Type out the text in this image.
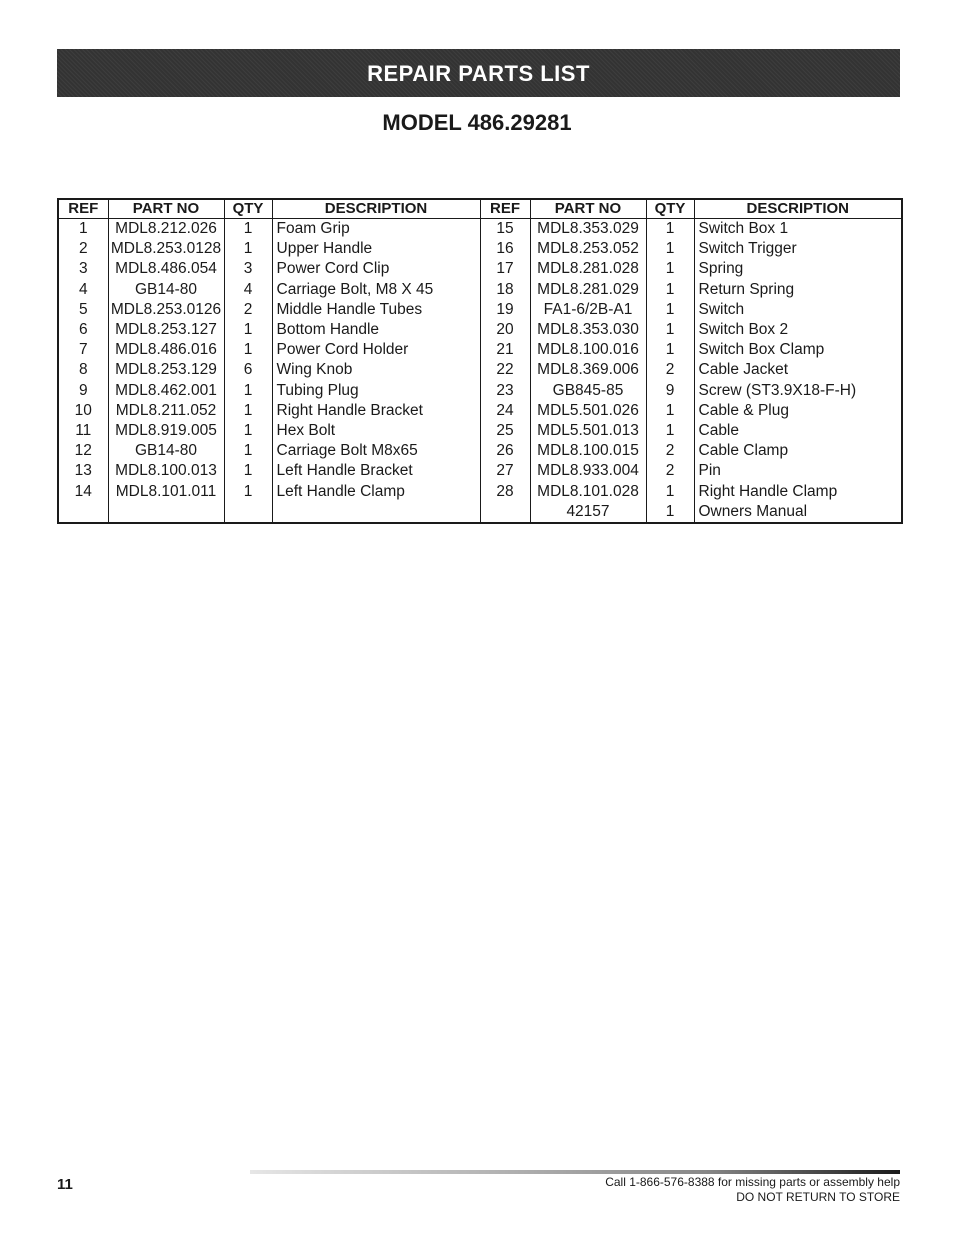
REPAIR PARTS LIST
MODEL 486.29281
REF	PART NO	QTY	DESCRIPTION	REF	PART NO	QTY	DESCRIPTION
1	MDL8.212.026	1	Foam Grip	15	MDL8.353.029	1	Switch Box 1
2	MDL8.253.0128	1	Upper Handle	16	MDL8.253.052	1	Switch Trigger
3	MDL8.486.054	3	Power Cord Clip	17	MDL8.281.028	1	Spring
4	GB14-80	4	Carriage Bolt, M8 X 45	18	MDL8.281.029	1	Return Spring
5	MDL8.253.0126	2	Middle Handle Tubes	19	FA1-6/2B-A1	1	Switch
6	MDL8.253.127	1	Bottom Handle	20	MDL8.353.030	1	Switch Box 2
7	MDL8.486.016	1	Power Cord Holder	21	MDL8.100.016	1	Switch Box Clamp
8	MDL8.253.129	6	Wing Knob	22	MDL8.369.006	2	Cable Jacket
9	MDL8.462.001	1	Tubing Plug	23	GB845-85	9	Screw (ST3.9X18-F-H)
10	MDL8.211.052	1	Right Handle Bracket	24	MDL5.501.026	1	Cable & Plug
11	MDL8.919.005	1	Hex Bolt	25	MDL5.501.013	1	Cable
12	GB14-80	1	Carriage Bolt M8x65	26	MDL8.100.015	2	Cable Clamp
13	MDL8.100.013	1	Left Handle Bracket	27	MDL8.933.004	2	Pin
14	MDL8.101.011	1	Left Handle Clamp	28	MDL8.101.028	1	Right Handle Clamp
					42157	1	Owners Manual
11	Call 1-866-576-8388 for missing parts or assembly help
DO NOT RETURN TO STORE
